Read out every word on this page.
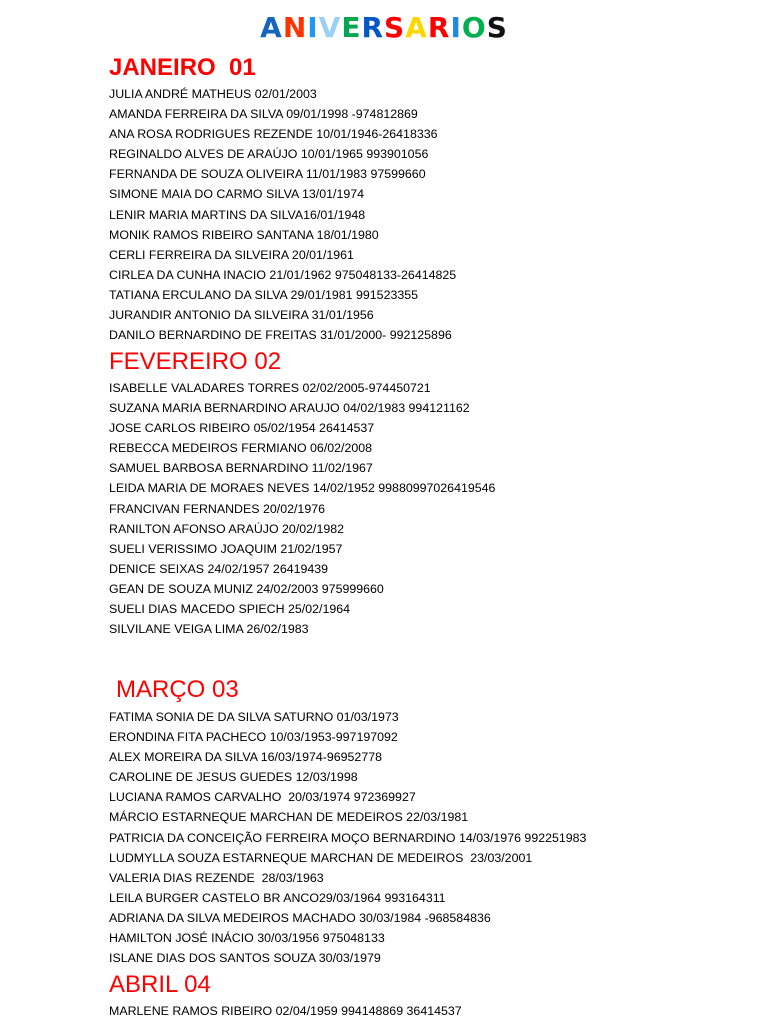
ANIVERSARIOS
JANEIRO  01
JULIA ANDRÉ MATHEUS 02/01/2003
AMANDA FERREIRA DA SILVA 09/01/1998 -974812869
ANA ROSA RODRIGUES REZENDE 10/01/1946-26418336
REGINALDO ALVES DE ARAÚJO 10/01/1965 993901056
FERNANDA DE SOUZA OLIVEIRA 11/01/1983 97599660
SIMONE MAIA DO CARMO SILVA 13/01/1974
LENIR MARIA MARTINS DA SILVA16/01/1948
MONIK RAMOS RIBEIRO SANTANA 18/01/1980
CERLI FERREIRA DA SILVEIRA 20/01/1961
CIRLEA DA CUNHA INACIO 21/01/1962 975048133-26414825
TATIANA ERCULANO DA SILVA 29/01/1981 991523355
JURANDIR ANTONIO DA SILVEIRA 31/01/1956
DANILO BERNARDINO DE FREITAS 31/01/2000- 992125896
FEVEREIRO 02
ISABELLE VALADARES TORRES 02/02/2005-974450721
SUZANA MARIA BERNARDINO ARAUJO 04/02/1983 994121162
JOSE CARLOS RIBEIRO 05/02/1954 26414537
REBECCA MEDEIROS FERMIANO 06/02/2008
SAMUEL BARBOSA BERNARDINO 11/02/1967
LEIDA MARIA DE MORAES NEVES 14/02/1952 99880997026419546
FRANCIVAN FERNANDES 20/02/1976
RANILTON AFONSO ARAÚJO 20/02/1982
SUELI VERISSIMO JOAQUIM 21/02/1957
DENICE SEIXAS 24/02/1957 26419439
GEAN DE SOUZA MUNIZ 24/02/2003 975999660
SUELI DIAS MACEDO SPIECH 25/02/1964
SILVILANE VEIGA LIMA 26/02/1983
MARÇO 03
FATIMA SONIA DE DA SILVA SATURNO 01/03/1973
ERONDINA FITA PACHECO 10/03/1953-997197092
ALEX MOREIRA DA SILVA 16/03/1974-96952778
CAROLINE DE JESUS GUEDES 12/03/1998
LUCIANA RAMOS CARVALHO  20/03/1974 972369927
MÁRCIO ESTARNEQUE MARCHAN DE MEDEIROS 22/03/1981
PATRICIA DA CONCEIÇÃO FERREIRA MOÇO BERNARDINO 14/03/1976 992251983
LUDMYLLA SOUZA ESTARNEQUE MARCHAN DE MEDEIROS  23/03/2001
VALERIA DIAS REZENDE  28/03/1963
LEILA BURGER CASTELO BR ANCO29/03/1964 993164311
ADRIANA DA SILVA MEDEIROS MACHADO 30/03/1984 -968584836
HAMILTON JOSÉ INÁCIO 30/03/1956 975048133
ISLANE DIAS DOS SANTOS SOUZA 30/03/1979
ABRIL 04
MARLENE RAMOS RIBEIRO 02/04/1959 994148869 36414537
